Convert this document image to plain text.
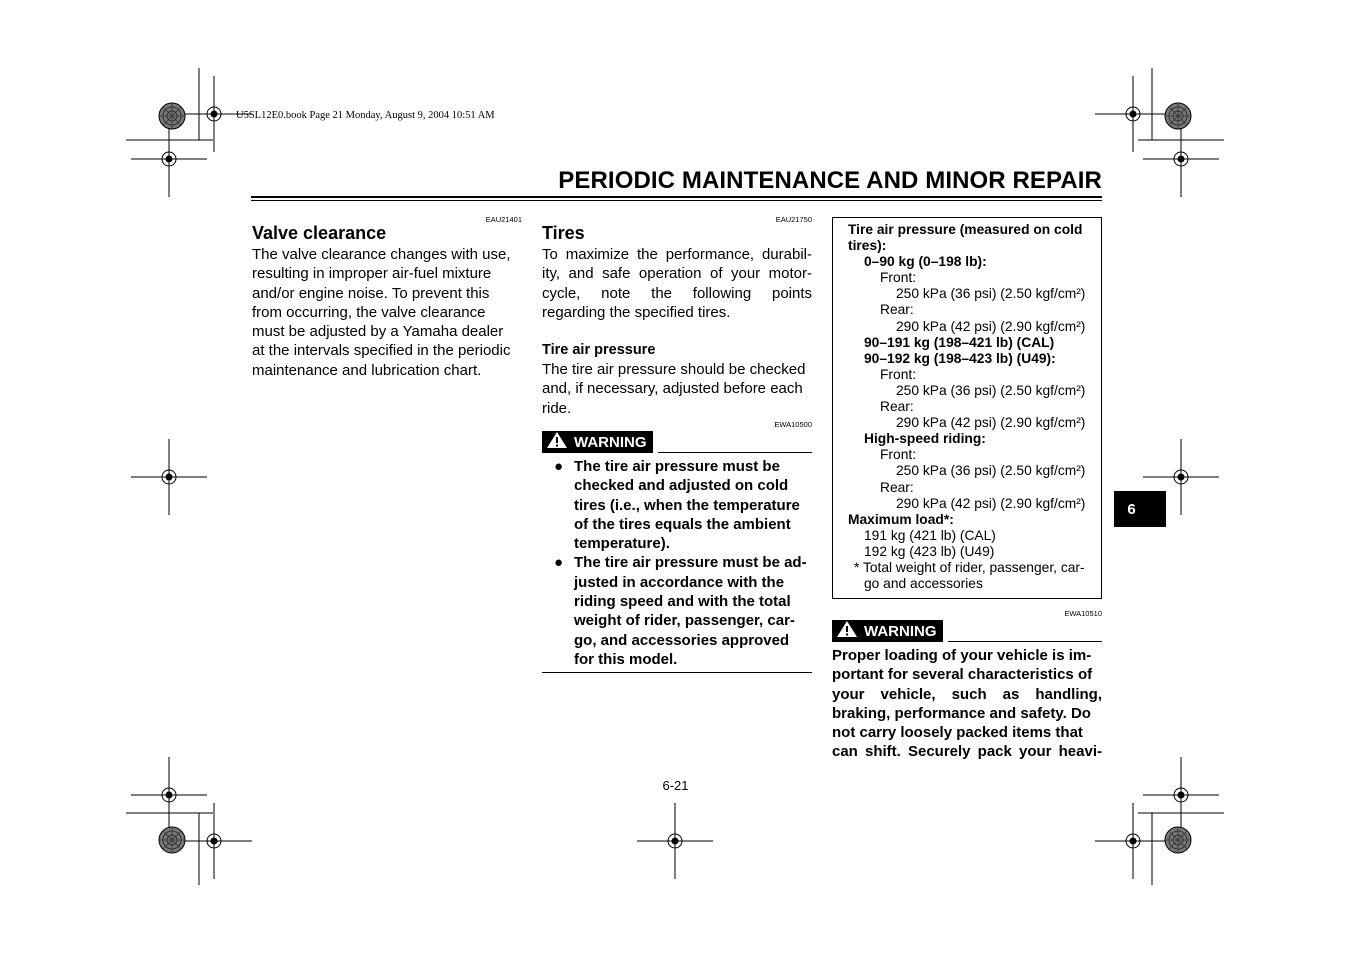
U5SL12E0.book Page 21 Monday, August 9, 2004 10:51 AM
PERIODIC MAINTENANCE AND MINOR REPAIR
EAU21401
Valve clearance
The valve clearance changes with use,
resulting in improper air-fuel mixture
and/or engine noise. To prevent this
from occurring, the valve clearance
must be adjusted by a Yamaha dealer
at the intervals specified in the periodic
maintenance and lubrication chart.
EAU21750
Tires
To maximize the performance, durabil-
ity, and safe operation of your motor-
cycle, note the following points
regarding the specified tires.
Tire air pressure
The tire air pressure should be checked
and, if necessary, adjusted before each
ride.
EWA10500
WARNING
● The tire air pressure must be
checked and adjusted on cold
tires (i.e., when the temperature
of the tires equals the ambient
temperature).
● The tire air pressure must be ad-
justed in accordance with the
riding speed and with the total
weight of rider, passenger, car-
go, and accessories approved
for this model.
Tire air pressure (measured on cold
tires):
0–90 kg (0–198 lb):
Front:
250 kPa (36 psi) (2.50 kgf/cm²)
Rear:
290 kPa (42 psi) (2.90 kgf/cm²)
90–191 kg (198–421 lb) (CAL)
90–192 kg (198–423 lb) (U49):
Front:
250 kPa (36 psi) (2.50 kgf/cm²)
Rear:
290 kPa (42 psi) (2.90 kgf/cm²)
High-speed riding:
Front:
250 kPa (36 psi) (2.50 kgf/cm²)
Rear:
290 kPa (42 psi) (2.90 kgf/cm²)
Maximum load*:
191 kg (421 lb) (CAL)
192 kg (423 lb) (U49)
* Total weight of rider, passenger, car-
go and accessories
EWA10510
WARNING
Proper loading of your vehicle is im-
portant for several characteristics of
your vehicle, such as handling,
braking, performance and safety. Do
not carry loosely packed items that
can shift. Securely pack your heavi-
6
6-21
